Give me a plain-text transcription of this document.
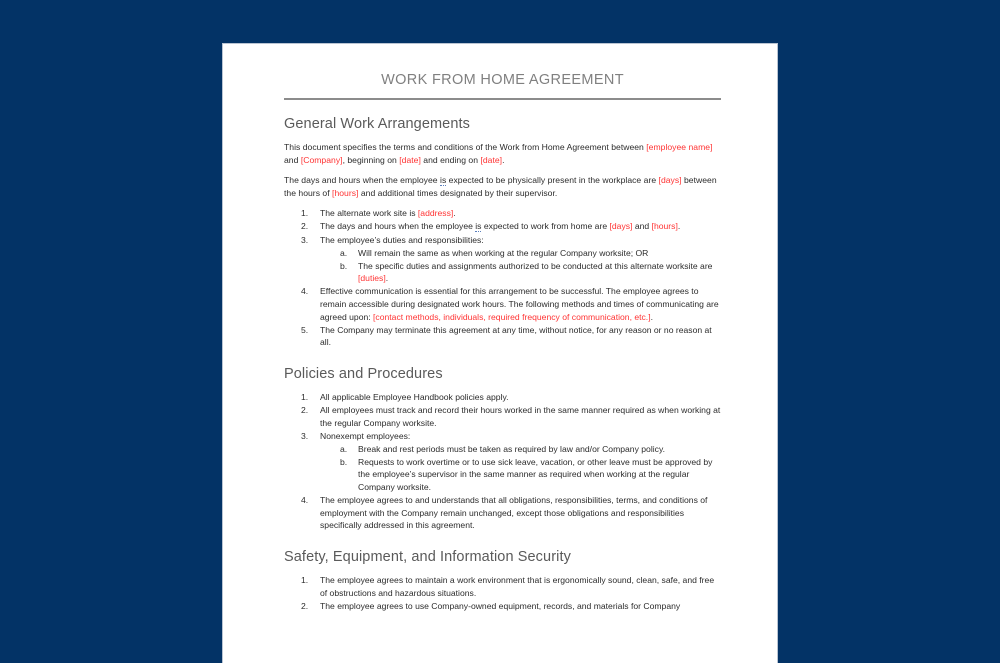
WORK FROM HOME AGREEMENT
General Work Arrangements

This document specifies the terms and conditions of the Work from Home Agreement between [employee name] and [Company], beginning on [date] and ending on [date].

The days and hours when the employee is expected to be physically present in the workplace are [days] between the hours of [hours] and additional times designated by their supervisor.

1.	The alternate work site is [address].
2.	The days and hours when the employee is expected to work from home are [days] and [hours].
3.	The employee’s duties and responsibilities:
a.	Will remain the same as when working at the regular Company worksite; OR
b.	The specific duties and assignments authorized to be conducted at this alternate worksite are [duties].
4.	Effective communication is essential for this arrangement to be successful. The employee agrees to remain accessible during designated work hours. The following methods and times of communicating are agreed upon: [contact methods, individuals, required frequency of communication, etc.].
5.	The Company may terminate this agreement at any time, without notice, for any reason or no reason at all.
Policies and Procedures
1.	All applicable Employee Handbook policies apply.
2.	All employees must track and record their hours worked in the same manner required as when working at the regular Company worksite.
3.	Nonexempt employees:
a.	Break and rest periods must be taken as required by law and/or Company policy.
b.	Requests to work overtime or to use sick leave, vacation, or other leave must be approved by the employee’s supervisor in the same manner as required when working at the regular Company worksite.
4.	The employee agrees to and understands that all obligations, responsibilities, terms, and conditions of employment with the Company remain unchanged, except those obligations and responsibilities specifically addressed in this agreement.
Safety, Equipment, and Information Security
1.	The employee agrees to maintain a work environment that is ergonomically sound, clean, safe, and free of obstructions and hazardous situations.
2.	The employee agrees to use Company-owned equipment, records, and materials for Company
